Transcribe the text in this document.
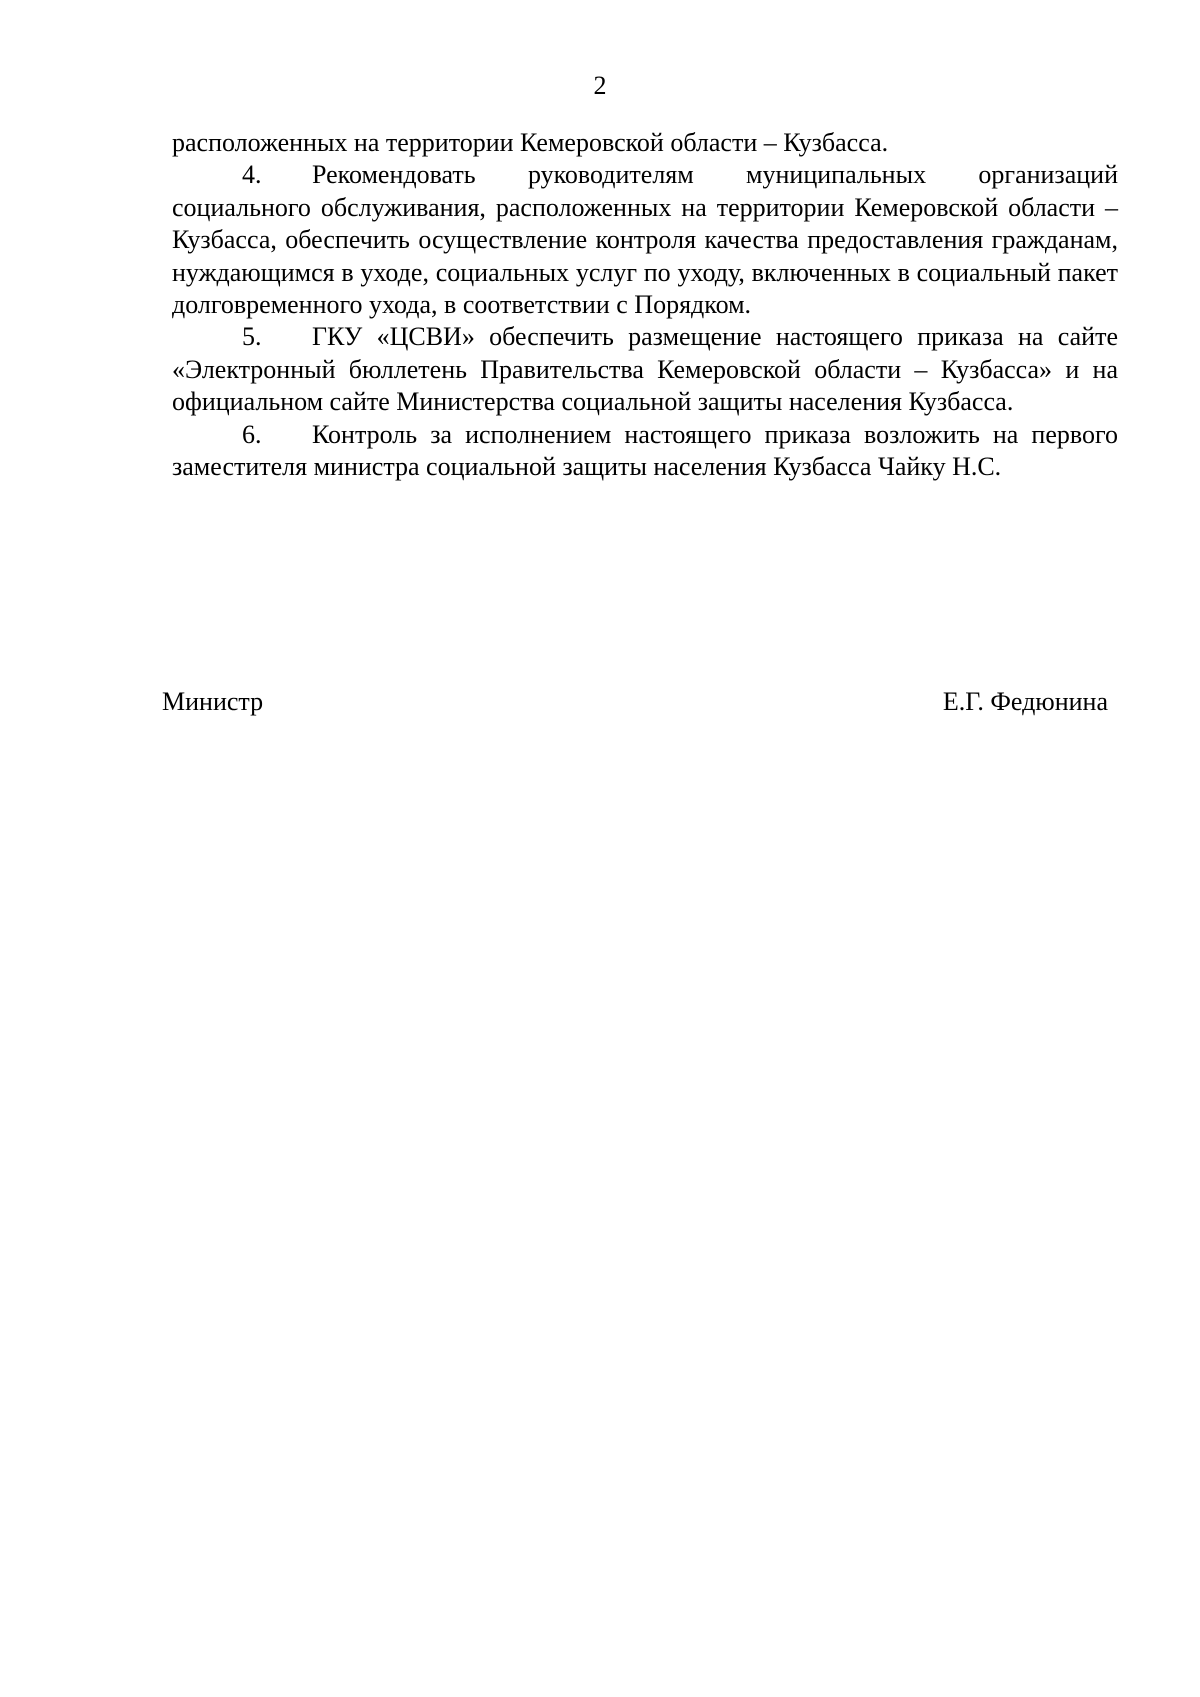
2

расположенных на территории Кемеровской области – Кузбасса.

4. Рекомендовать руководителям муниципальных организаций социального обслуживания, расположенных на территории Кемеровской области – Кузбасса, обеспечить осуществление контроля качества предоставления гражданам, нуждающимся в уходе, социальных услуг по уходу, включенных в социальный пакет долговременного ухода, в соответствии с Порядком.

5. ГКУ «ЦСВИ» обеспечить размещение настоящего приказа на сайте «Электронный бюллетень Правительства Кемеровской области – Кузбасса» и на официальном сайте Министерства социальной защиты населения Кузбасса.

6. Контроль за исполнением настоящего приказа возложить на первого заместителя министра социальной защиты населения Кузбасса Чайку Н.С.

Министр	Е.Г. Федюнина
